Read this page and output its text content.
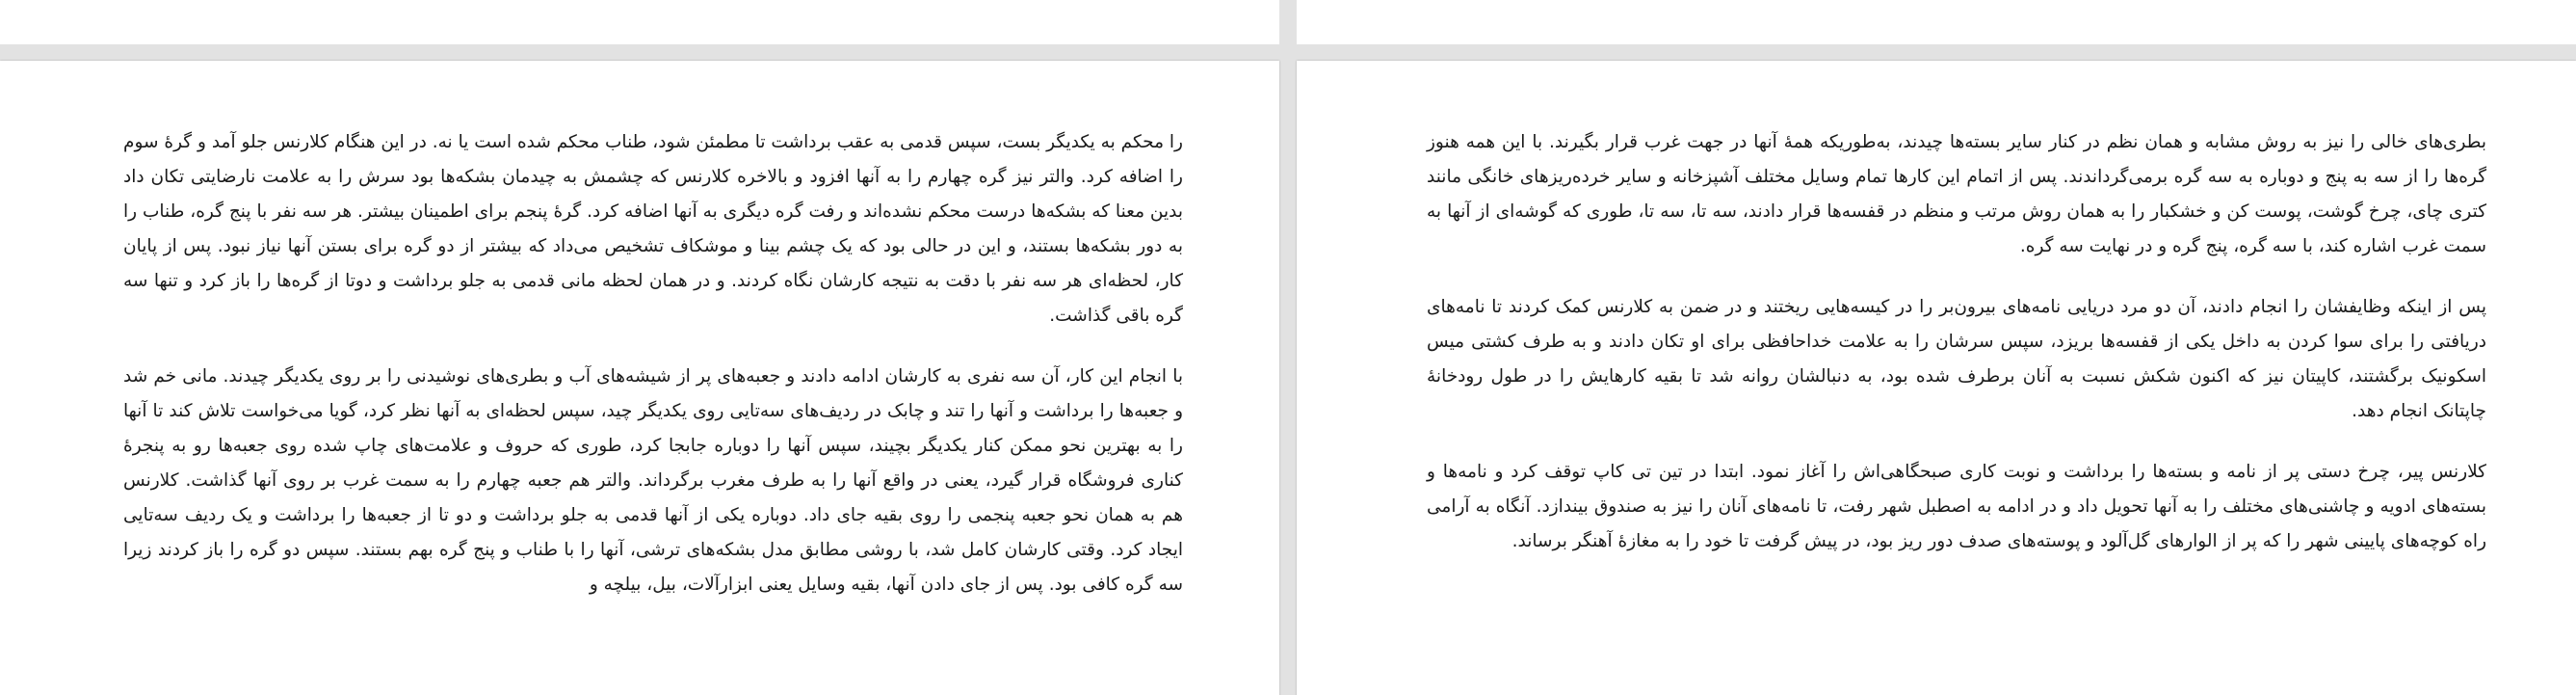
را محکم به یکدیگر بست، سپس قدمی به عقب برداشت تا مطمئن شود، طناب محکم شده است یا نه. در این هنگام کلارنس جلو آمد و گرهٔ سوم را اضافه کرد. والتر نیز گره چهارم را به آنها افزود و بالاخره کلارنس که چشمش به چیدمان بشکه‌ها بود سرش را به علامت نارضایتی تکان داد بدین معنا که بشکه‌ها درست محکم نشده‌اند و رفت گره دیگری به آنها اضافه کرد. گرهٔ پنجم برای اطمینان بیشتر. هر سه نفر با پنج گره، طناب را به دور بشکه‌ها بستند، و این در حالی بود که یک چشم بینا و موشکاف تشخیص می‌داد که بیشتر از دو گره برای بستن آنها نیاز نبود. پس از پایان کار، لحظه‌ای هر سه نفر با دقت به نتیجه کارشان نگاه کردند. و در همان لحظه مانی قدمی به جلو برداشت و دوتا از گره‌ها را باز کرد و تنها سه گره باقی گذاشت.

با انجام این کار، آن سه نفری به کارشان ادامه دادند و جعبه‌های پر از شیشه‌های آب و بطری‌های نوشیدنی را بر روی یکدیگر چیدند. مانی خم شد و جعبه‌ها را برداشت و آنها را تند و چابک در ردیف‌های سه‌تایی روی یکدیگر چید، سپس لحظه‌ای به آنها نظر کرد، گویا می‌خواست تلاش کند تا آنها را به بهترین نحو ممکن کنار یکدیگر بچیند، سپس آنها را دوباره جابجا کرد، طوری که حروف و علامت‌های چاپ شده روی جعبه‌ها رو به پنجرهٔ کناری فروشگاه قرار گیرد، یعنی در واقع آنها را به طرف مغرب برگرداند. والتر هم جعبه چهارم را به سمت غرب بر روی آنها گذاشت. کلارنس هم به همان نحو جعبه پنجمی را روی بقیه جای داد. دوباره یکی از آنها قدمی به جلو برداشت و دو تا از جعبه‌ها را برداشت و یک ردیف سه‌تایی ایجاد کرد. وقتی کارشان کامل شد، با روشی مطابق مدل بشکه‌های ترشی، آنها را با طناب و پنج گره بهم بستند. سپس دو گره را باز کردند زیرا سه گره کافی بود. پس از جای دادن آنها، بقیه وسایل یعنی ابزارآلات، بیل، بیلچه و

بطری‌های خالی را نیز به روش مشابه و همان نظم در کنار سایر بسته‌ها چیدند، به‌طوریکه همهٔ آنها در جهت غرب قرار بگیرند. با این همه هنوز گره‌ها را از سه به پنج و دوباره به سه گره برمی‌گرداندند. پس از اتمام این کارها تمام وسایل مختلف آشپزخانه و سایر خرده‌ریزهای خانگی مانند کتری چای، چرخ گوشت، پوست کن و خشکبار را به همان روش مرتب و منظم در قفسه‌ها قرار دادند، سه تا، سه تا، طوری که گوشه‌ای از آنها به سمت غرب اشاره کند، با سه گره، پنج گره و در نهایت سه گره.

پس از اینکه وظایفشان را انجام دادند، آن دو مرد دریایی نامه‌های بیرون‌بر را در کیسه‌هایی ریختند و در ضمن به کلارنس کمک کردند تا نامه‌های دریافتی را برای سوا کردن به داخل یکی از قفسه‌ها بریزد، سپس سرشان را به علامت خداحافظی برای او تکان دادند و به طرف کشتی میس اسکونیک برگشتند، کاپیتان نیز که اکنون شکش نسبت به آنان برطرف شده بود، به دنبالشان روانه شد تا بقیه کارهایش را در طول رودخانهٔ چاپتانک انجام دهد.

کلارنس پیر، چرخ دستی پر از نامه و بسته‌ها را برداشت و نوبت کاری صبحگاهی‌اش را آغاز نمود. ابتدا در تین تی کاپ توقف کرد و نامه‌ها و بسته‌های ادویه و چاشنی‌های مختلف را به آنها تحویل داد و در ادامه به اصطبل شهر رفت، تا نامه‌های آنان را نیز به صندوق بیندازد. آنگاه به آرامی راه کوچه‌های پایینی شهر را که پر از الوارهای گل‌آلود و پوسته‌های صدف دور ریز بود، در پیش گرفت تا خود را به مغازهٔ آهنگر برساند.
